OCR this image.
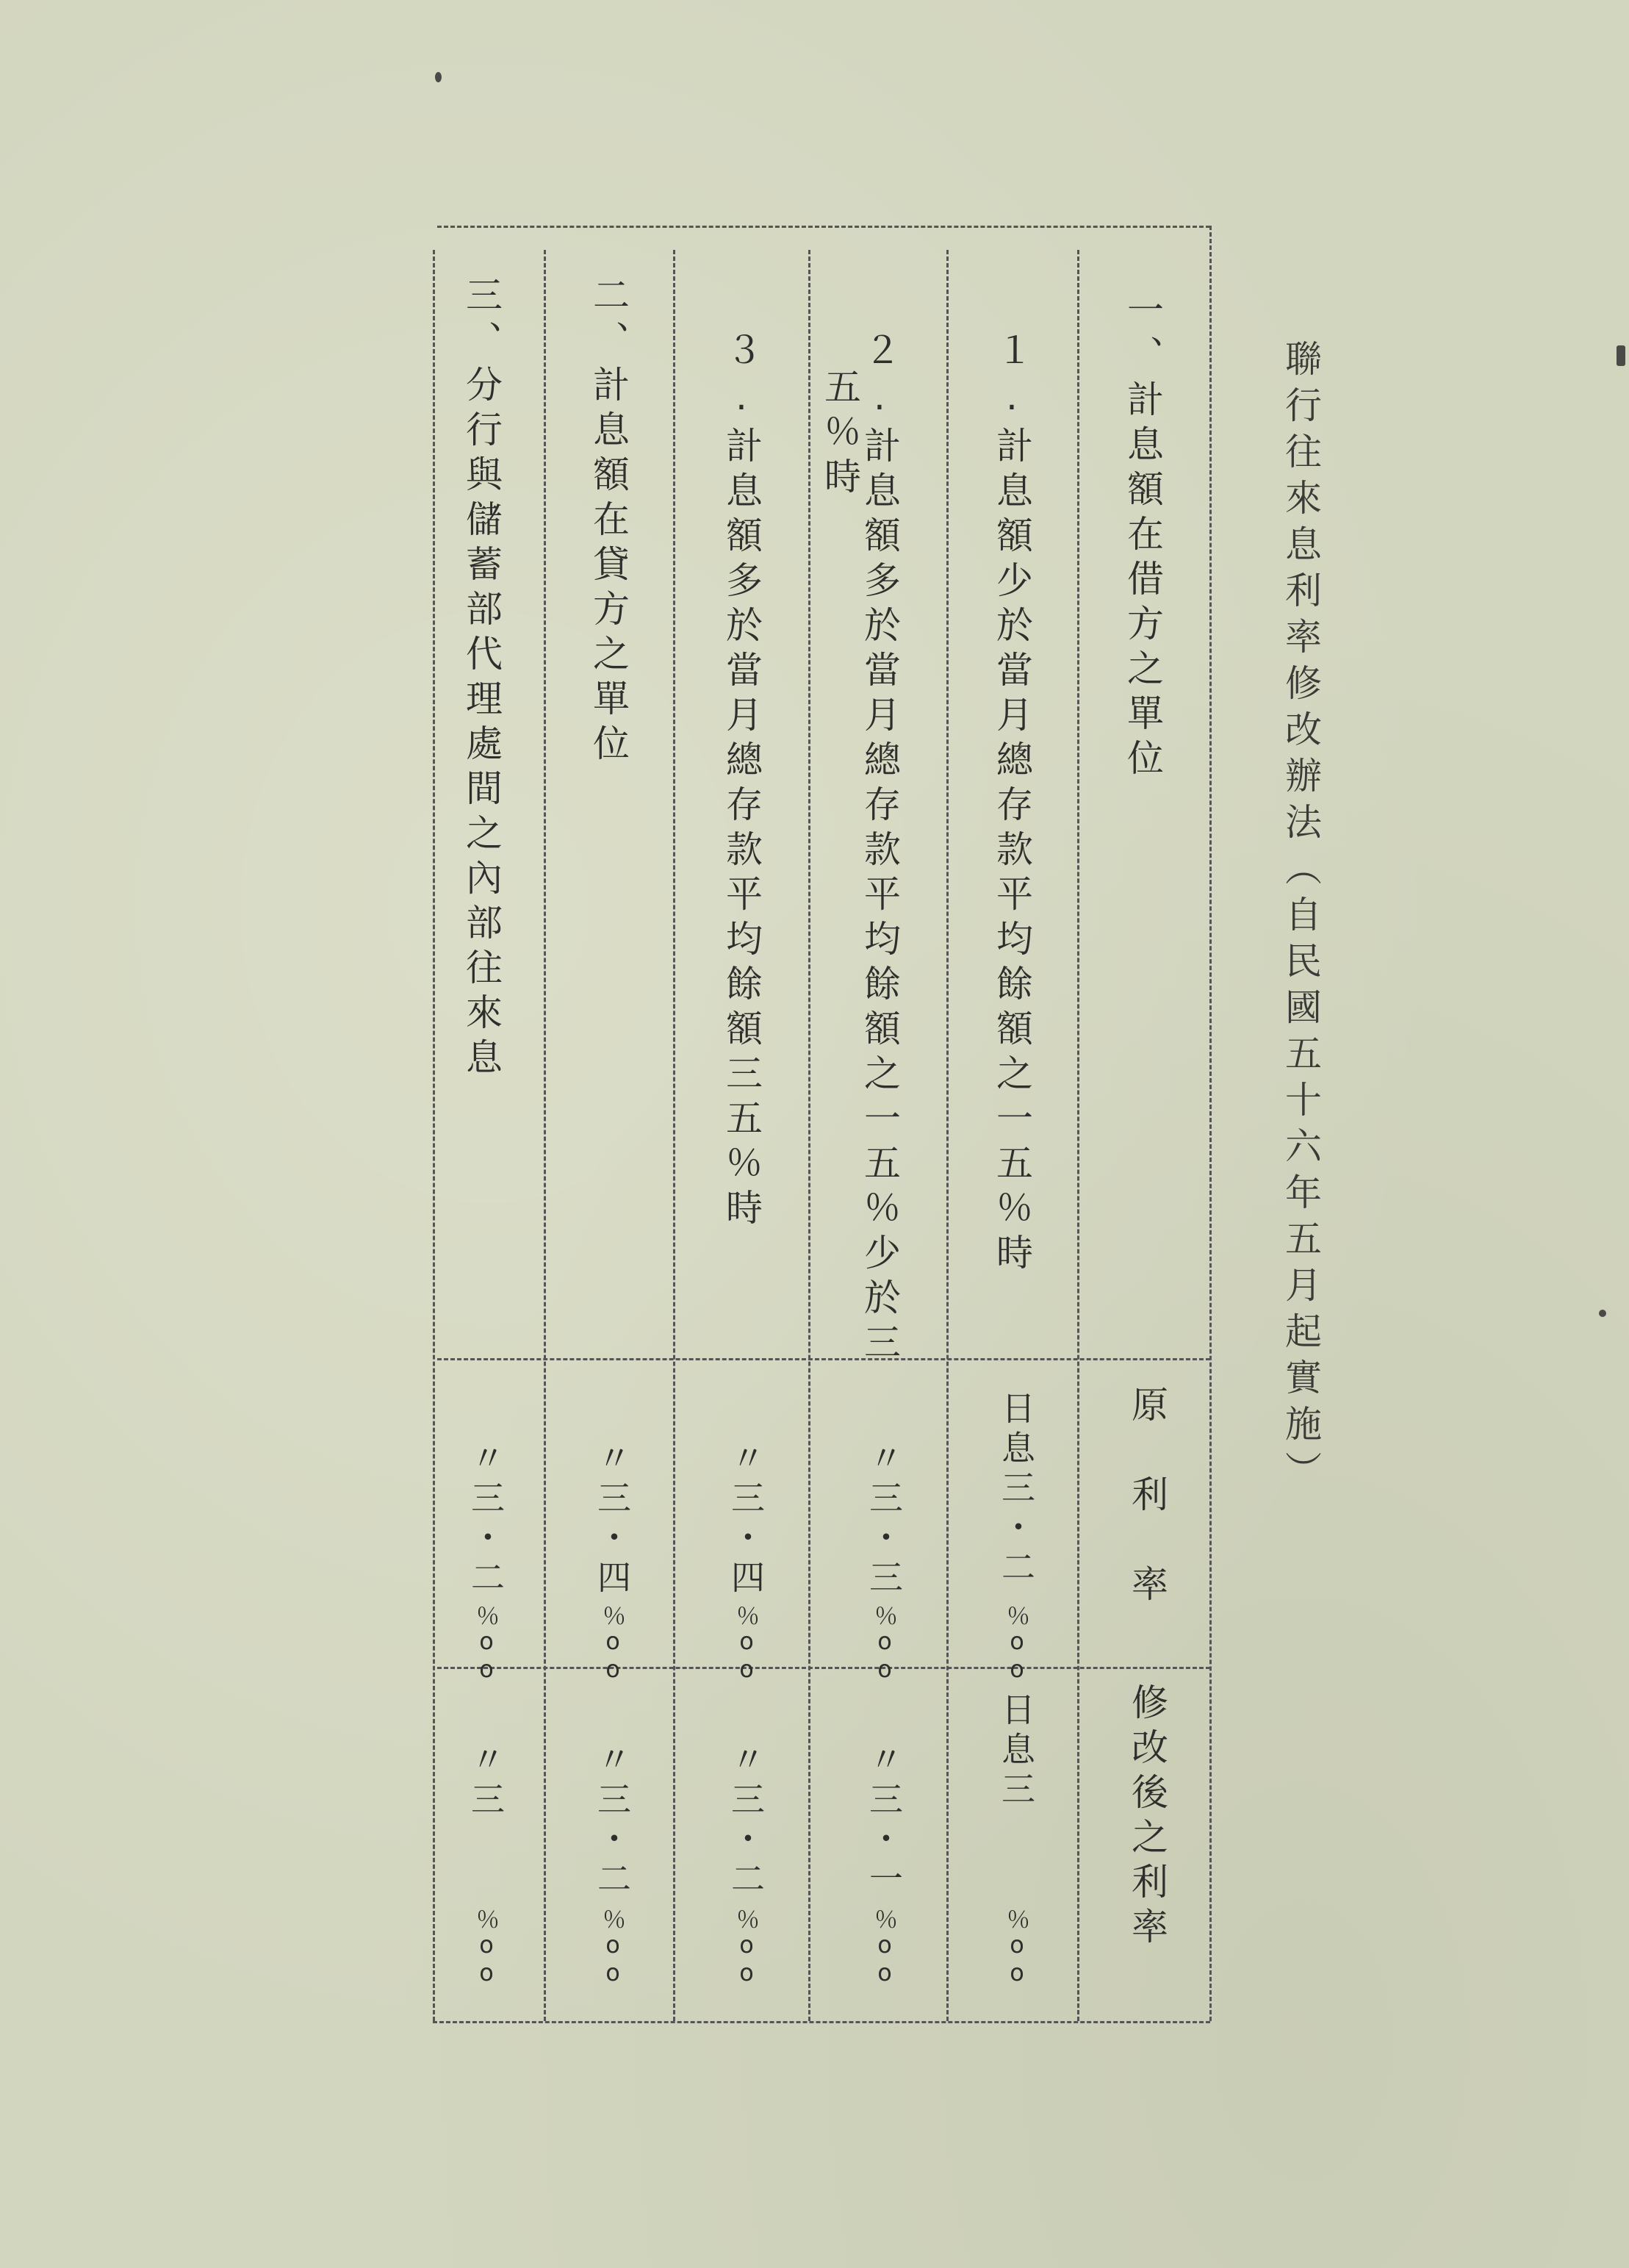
聯行往來息利率修改辦法（自民國五十六年五月起實施）
原　利　率
修改後之利率
一、計息額在借方之單位
１.計息額少於當月總存款平均餘額之一五％時
日息三・二
％oo
日息三
％oo
２.計息額多於當月總存款平均餘額之一五％少於三
五％時
〃三・三
％oo
〃三・一
％oo
３.計息額多於當月總存款平均餘額三五％時
〃三・四
％oo
〃三・二
％oo
二、計息額在貸方之單位
〃三・四
％oo
〃三・二
％oo
三、分行與儲蓄部代理處間之內部往來息
〃三・二
％oo
〃三
％oo
